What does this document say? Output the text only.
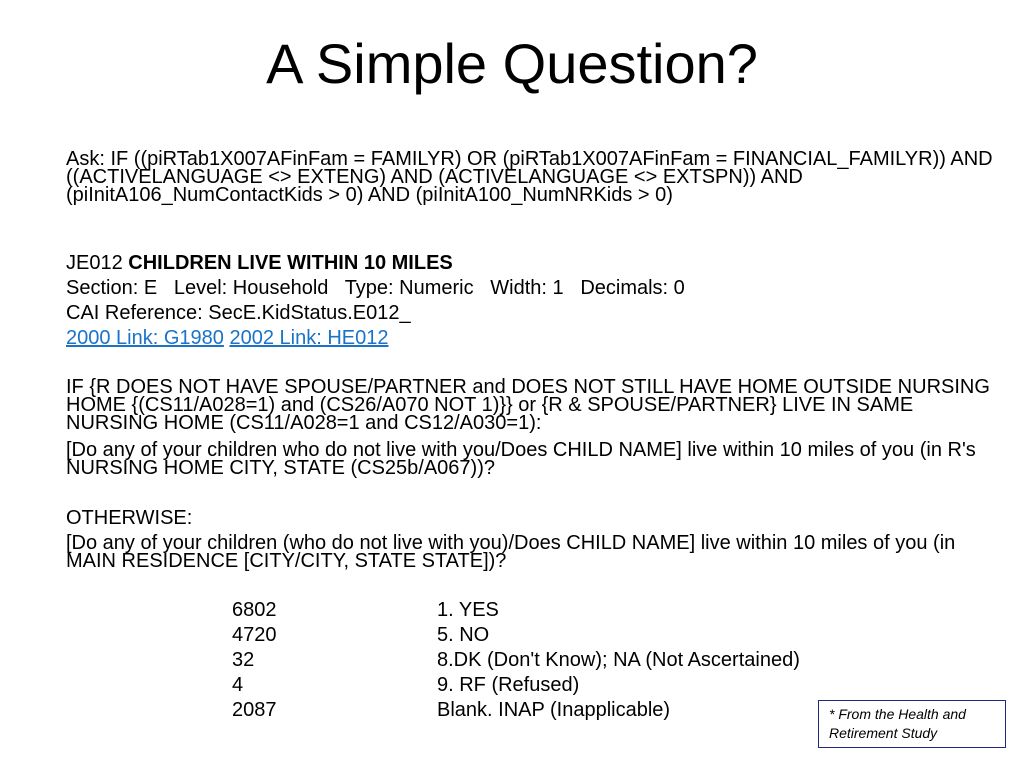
A Simple Question?
Ask: IF ((piRTab1X007AFinFam = FAMILYR) OR (piRTab1X007AFinFam = FINANCIAL_FAMILYR)) AND ((ACTIVELANGUAGE <> EXTENG) AND (ACTIVELANGUAGE <> EXTSPN)) AND (piInitA106_NumContactKids > 0) AND (piInitA100_NumNRKids > 0)
JE012 CHILDREN LIVE WITHIN 10 MILES
Section: E   Level: Household   Type: Numeric   Width: 1   Decimals: 0
CAI Reference: SecE.KidStatus.E012_
2000 Link: G1980 2002 Link: HE012
IF {R DOES NOT HAVE SPOUSE/PARTNER and DOES NOT STILL HAVE HOME OUTSIDE NURSING HOME {(CS11/A028=1) and (CS26/A070 NOT 1)}} or {R & SPOUSE/PARTNER} LIVE IN SAME NURSING HOME (CS11/A028=1 and CS12/A030=1):
[Do any of your children who do not live with you/Does CHILD NAME] live within 10 miles of you (in R's NURSING HOME CITY, STATE (CS25b/A067))?
OTHERWISE:
[Do any of your children (who do not live with you)/Does CHILD NAME] live within 10 miles of you (in MAIN RESIDENCE [CITY/CITY, STATE STATE])?
6802	1. YES
4720	5. NO
32	8.DK (Don't Know); NA (Not Ascertained)
4	9. RF (Refused)
2087	Blank. INAP (Inapplicable)	* From the Health and Retirement Study
